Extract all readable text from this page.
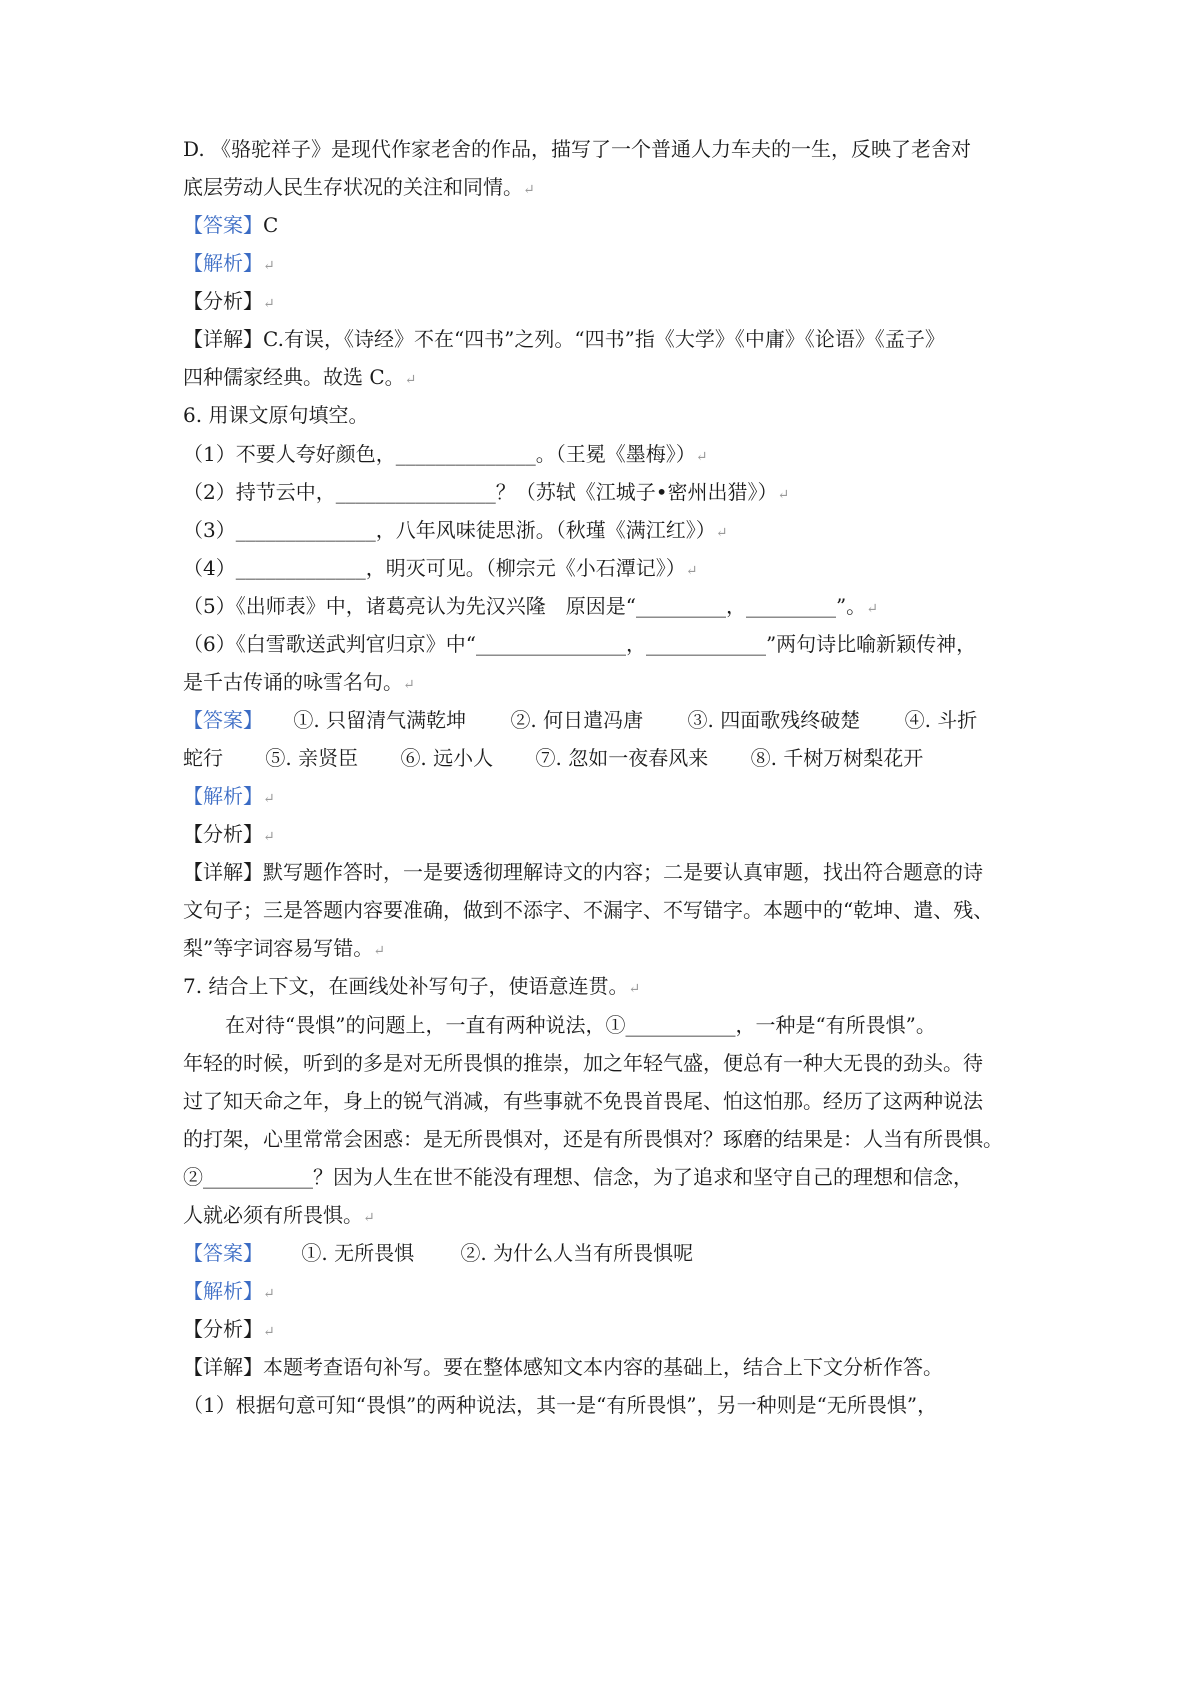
D. 《骆驼祥子》是现代作家老舍的作品，描写了一个普通人力车夫的一生，反映了老舍对
底层劳动人民生存状况的关注和同情。↵
【答案】C
【解析】↵
【分析】↵
【详解】C.有误，《诗经》不在“四书”之列。“四书”指《大学》《中庸》《论语》《孟子》
四种儒家经典。故选 C。↵
6. 用课文原句填空。
（1）不要人夸好颜色，______________。（王冕《墨梅》）↵
（2）持节云中，________________？（苏轼《江城子•密州出猎》）↵
（3）______________，八年风味徒思浙。（秋瑾《满江红》）↵
（4）_____________，明灭可见。（柳宗元《小石潭记》）↵
（5）《出师表》中，诸葛亮认为先汉兴隆　原因是“_________，_________”。↵
（6）《白雪歌送武判官归京》中“_______________，____________”两句诗比喻新颖传神，
是千古传诵的咏雪名句。↵
【答案】 ①. 只留清气满乾坤 ②. 何日遣冯唐 ③. 四面歌残终破楚 ④. 斗折
蛇行 ⑤. 亲贤臣 ⑥. 远小人 ⑦. 忽如一夜春风来 ⑧. 千树万树梨花开
【解析】↵
【分析】↵
【详解】默写题作答时，一是要透彻理解诗文的内容；二是要认真审题，找出符合题意的诗
文句子；三是答题内容要准确，做到不添字、不漏字、不写错字。本题中的“乾坤、遣、残、
梨”等字词容易写错。↵
7. 结合上下文，在画线处补写句子，使语意连贯。↵
在对待“畏惧”的问题上，一直有两种说法，①___________，一种是“有所畏惧”。
年轻的时候，听到的多是对无所畏惧的推崇，加之年轻气盛，便总有一种大无畏的劲头。待
过了知天命之年，身上的锐气消减，有些事就不免畏首畏尾、怕这怕那。经历了这两种说法
的打架，心里常常会困惑：是无所畏惧对，还是有所畏惧对？琢磨的结果是：人当有所畏惧。
②___________？因为人生在世不能没有理想、信念，为了追求和坚守自己的理想和信念，
人就必须有所畏惧。↵
【答案】 ①. 无所畏惧 ②. 为什么人当有所畏惧呢
【解析】↵
【分析】↵
【详解】本题考查语句补写。要在整体感知文本内容的基础上，结合上下文分析作答。
（1）根据句意可知“畏惧”的两种说法，其一是“有所畏惧”，另一种则是“无所畏惧”，
